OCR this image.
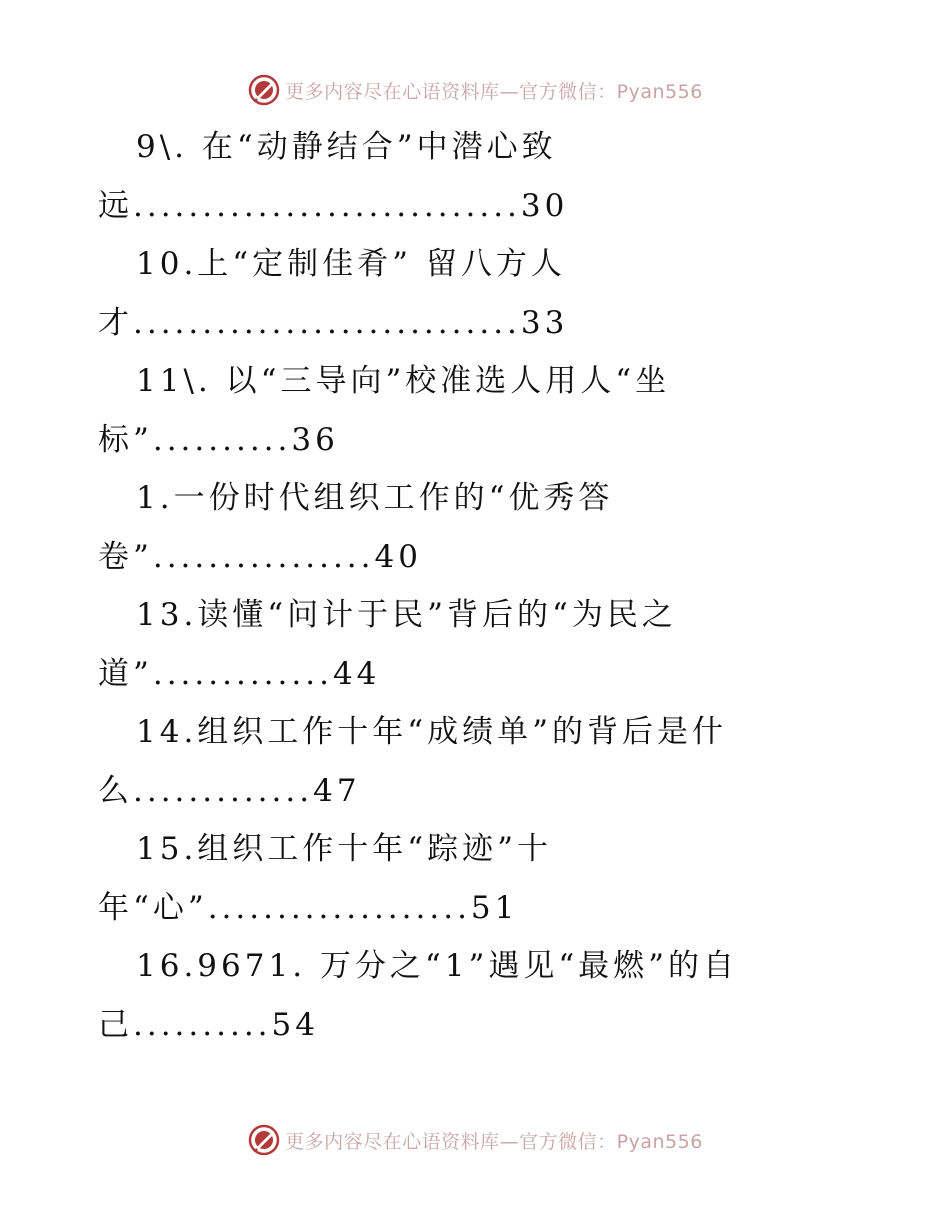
更多内容尽在心语资料库—官方微信：Pyan556
9\. 在“动静结合”中潜心致
远............................30
10.上“定制佳肴” 留八方人
才............................33
11\. 以“三导向”校准选人用人“坐
标”..........36
1.一份时代组织工作的“优秀答
卷”................40
13.读懂“问计于民”背后的“为民之
道”.............44
14.组织工作十年“成绩单”的背后是什
么.............47
15.组织工作十年“踪迹”十
年“心”...................51
16.9671. 万分之“1”遇见“最燃”的自
己..........54
更多内容尽在心语资料库—官方微信：Pyan556
